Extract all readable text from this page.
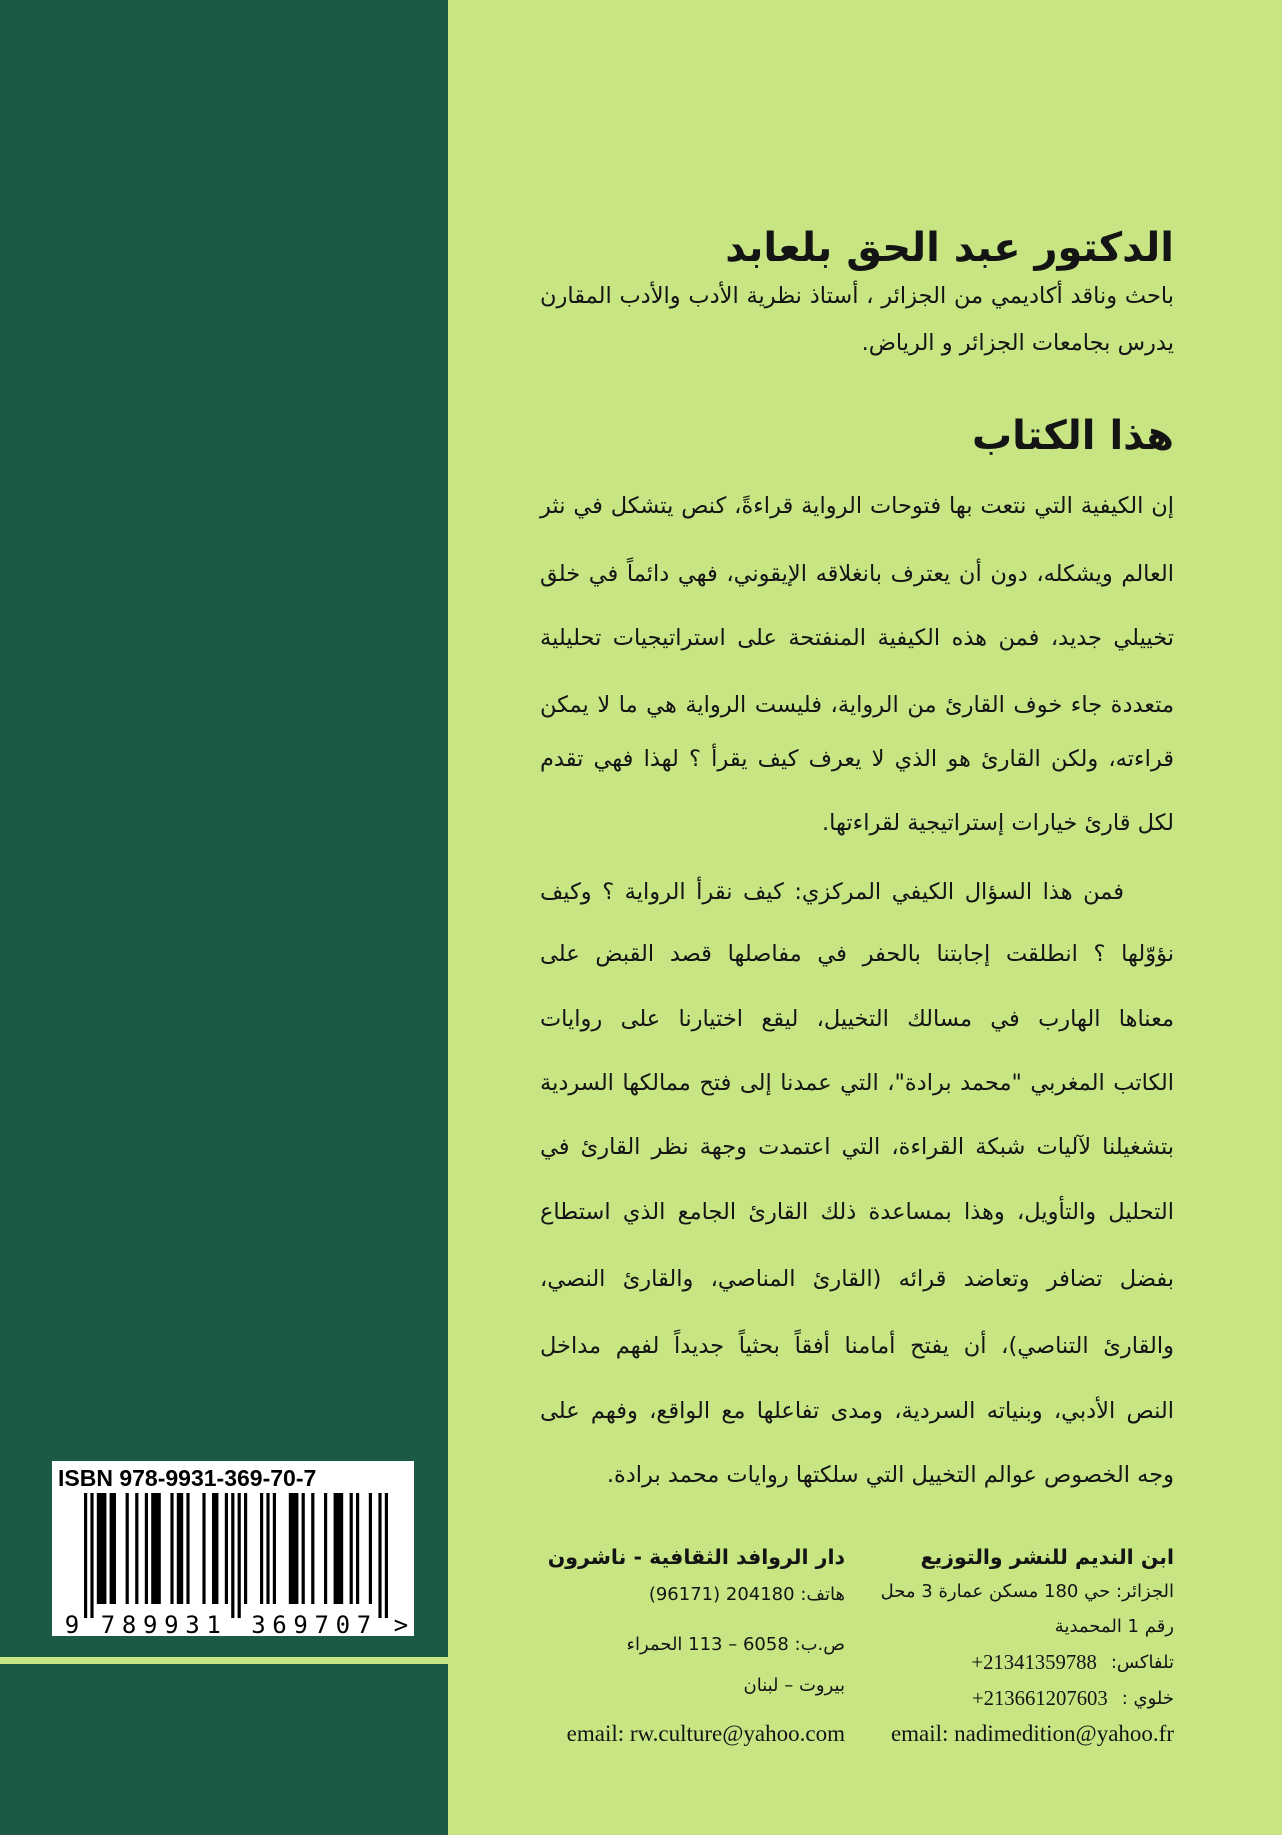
الدكتور عبد الحق بلعابد

باحث وناقد أكاديمي من الجزائر ، أستاذ نظرية الأدب والأدب المقارن

يدرس بجامعات الجزائر و الرياض.

هذا الكتاب

إن الكيفية التي نتعت بها فتوحات الرواية قراءةً، كنص يتشكل في نثر

العالم ويشكله، دون أن يعترف بانغلاقه الإيقوني، فهي دائماً في خلق

تخييلي جديد، فمن هذه الكيفية المنفتحة على استراتيجيات تحليلية

متعددة جاء خوف القارئ من الرواية، فليست الرواية هي ما لا يمكن

قراءته، ولكن القارئ هو الذي لا يعرف كيف يقرأ ؟ لهذا فهي تقدم

لكل قارئ خيارات إستراتيجية لقراءتها.

فمن هذا السؤال الكيفي المركزي: كيف نقرأ الرواية ؟ وكيف

نؤوّلها ؟ انطلقت إجابتنا بالحفر في مفاصلها قصد القبض على

معناها الهارب في مسالك التخييل، ليقع اختيارنا على روايات

الكاتب المغربي "محمد برادة"، التي عمدنا إلى فتح ممالكها السردية

بتشغيلنا لآليات شبكة القراءة، التي اعتمدت وجهة نظر القارئ في

التحليل والتأويل، وهذا بمساعدة ذلك القارئ الجامع الذي استطاع

بفضل تضافر وتعاضد قرائه (القارئ المناصي، والقارئ النصي،

والقارئ التناصي)، أن يفتح أمامنا أفقاً بحثياً جديداً لفهم مداخل

النص الأدبي، وبنياته السردية، ومدى تفاعلها مع الواقع، وفهم على

وجه الخصوص عوالم التخييل التي سلكتها روايات محمد برادة.

ابن النديم للنشر والتوزيع

الجزائر: حي 180 مسكن عمارة 3 محل

رقم 1 المحمدية

تلفاكس:
+21341359788

خلوي :
+213661207603

email: nadimedition@yahoo.fr

دار الروافد الثقافية - ناشرون

هاتف: 204180 (96171)

ص.ب: 6058 – 113 الحمراء

بيروت – لبنان

email: rw.culture@yahoo.com

ISBN 978-9931-369-70-7
9 789931 369707 >
